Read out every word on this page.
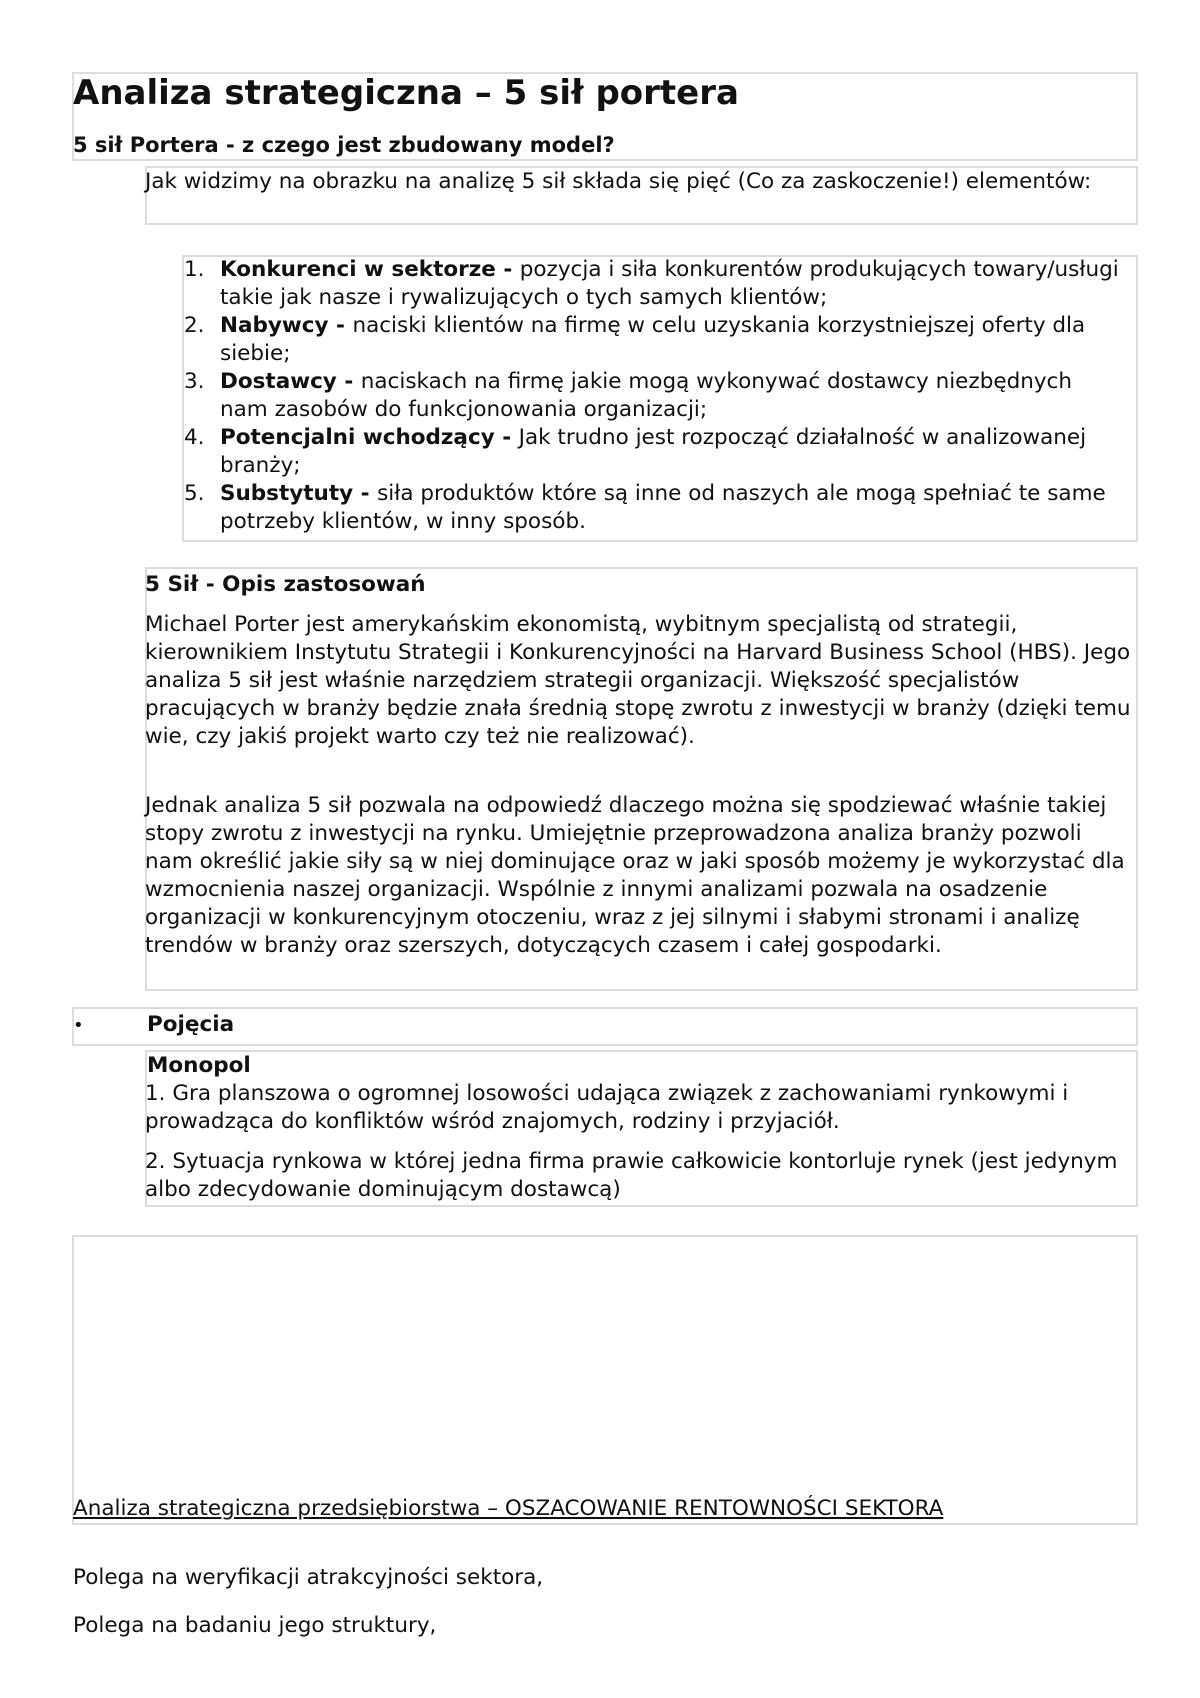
Analiza strategiczna – 5 sił portera
5 sił Portera - z czego jest zbudowany model?

Jak widzimy na obrazku na analizę 5 sił składa się pięć (Co za zaskoczenie!) elementów:

1. Konkurenci w sektorze - pozycja i siła konkurentów produkujących towary/usługi takie jak nasze i rywalizujących o tych samych klientów;
2. Nabywcy - naciski klientów na firmę w celu uzyskania korzystniejszej oferty dla siebie;
3. Dostawcy - naciskach na firmę jakie mogą wykonywać dostawcy niezbędnych nam zasobów do funkcjonowania organizacji;
4. Potencjalni wchodzący - Jak trudno jest rozpocząć działalność w analizowanej branży;
5. Substytuty - siła produktów które są inne od naszych ale mogą spełniać te same potrzeby klientów, w inny sposób.
5 Sił - Opis zastosowań

Michael Porter jest amerykańskim ekonomistą, wybitnym specjalistą od strategii, kierownikiem Instytutu Strategii i Konkurencyjności na Harvard Business School (HBS). Jego analiza 5 sił jest właśnie narzędziem strategii organizacji. Większość specjalistów pracujących w branży będzie znała średnią stopę zwrotu z inwestycji w branży (dzięki temu wie, czy jakiś projekt warto czy też nie realizować).

Jednak analiza 5 sił pozwala na odpowiedź dlaczego można się spodziewać właśnie takiej stopy zwrotu z inwestycji na rynku. Umiejętnie przeprowadzona analiza branży pozwoli nam określić jakie siły są w niej dominujące oraz w jaki sposób możemy je wykorzystać dla wzmocnienia naszej organizacji. Wspólnie z innymi analizami pozwala na osadzenie organizacji w konkurencyjnym otoczeniu, wraz z jej silnymi i słabymi stronami i analizę trendów w branży oraz szerszych, dotyczących czasem i całej gospodarki.

•	Pojęcia
Monopol

1. Gra planszowa o ogromnej losowości udająca związek z zachowaniami rynkowymi i prowadząca do konfliktów wśród znajomych, rodziny i przyjaciół.

2. Sytuacja rynkowa w której jedna firma prawie całkowicie kontorluje rynek (jest jedynym albo zdecydowanie dominującym dostawcą)

Analiza strategiczna przedsiębiorstwa – OSZACOWANIE RENTOWNOŚCI SEKTORA
Polega na weryfikacji atrakcyjności sektora,
Polega na badaniu jego struktury,
